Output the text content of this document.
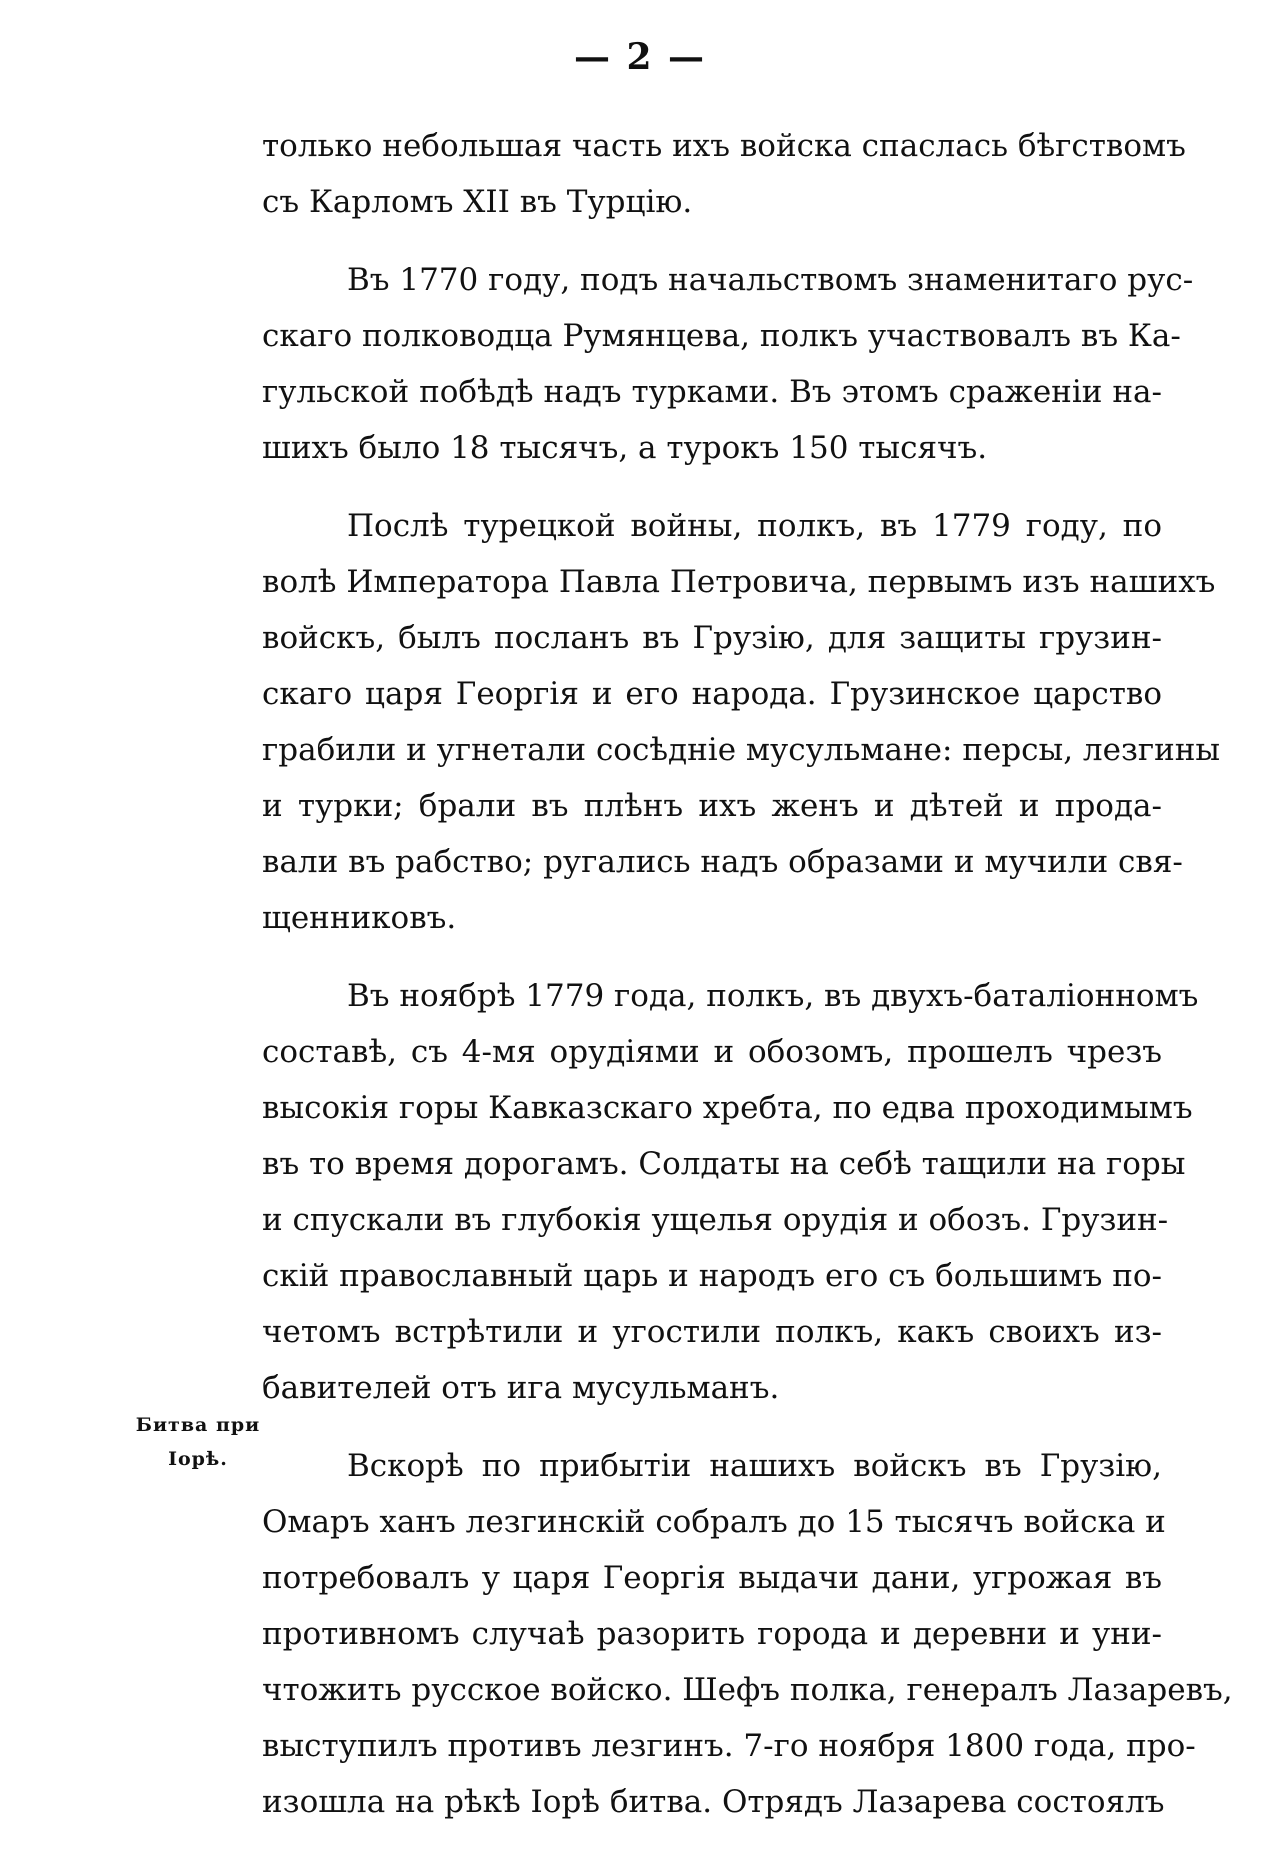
— 2 —
Битва при
Іорѣ.
только небольшая часть ихъ войска спаслась бѣгствомъ
съ Карломъ XII въ Турцію.
Въ 1770 году, подъ начальствомъ знаменитаго рус-
скаго полководца Румянцева, полкъ участвовалъ въ Ка-
гульской побѣдѣ надъ турками. Въ этомъ сраженіи на-
шихъ было 18 тысячъ, а турокъ 150 тысячъ.
Послѣ турецкой войны, полкъ, въ 1779 году, по
волѣ Императора Павла Петровича, первымъ изъ нашихъ
войскъ, былъ посланъ въ Грузію, для защиты грузин-
скаго царя Георгія и его народа. Грузинское царство
грабили и угнетали сосѣдніе мусульмане: персы, лезгины
и турки; брали въ плѣнъ ихъ женъ и дѣтей и прода-
вали въ рабство; ругались надъ образами и мучили свя-
щенниковъ.
Въ ноябрѣ 1779 года, полкъ, въ двухъ-баталіонномъ
составѣ, съ 4-мя орудіями и обозомъ, прошелъ чрезъ
высокія горы Кавказскаго хребта, по едва проходимымъ
въ то время дорогамъ. Солдаты на себѣ тащили на горы
и спускали въ глубокія ущелья орудія и обозъ. Грузин-
скій православный царь и народъ его съ большимъ по-
четомъ встрѣтили и угостили полкъ, какъ своихъ из-
бавителей отъ ига мусульманъ.
Вскорѣ по прибытіи нашихъ войскъ въ Грузію,
Омаръ ханъ лезгинскій собралъ до 15 тысячъ войска и
потребовалъ у царя Георгія выдачи дани, угрожая въ
противномъ случаѣ разорить города и деревни и уни-
чтожить русское войско. Шефъ полка, генералъ Лазаревъ,
выступилъ противъ лезгинъ. 7-го ноября 1800 года, про-
изошла на рѣкѣ Іорѣ битва. Отрядъ Лазарева состоялъ
